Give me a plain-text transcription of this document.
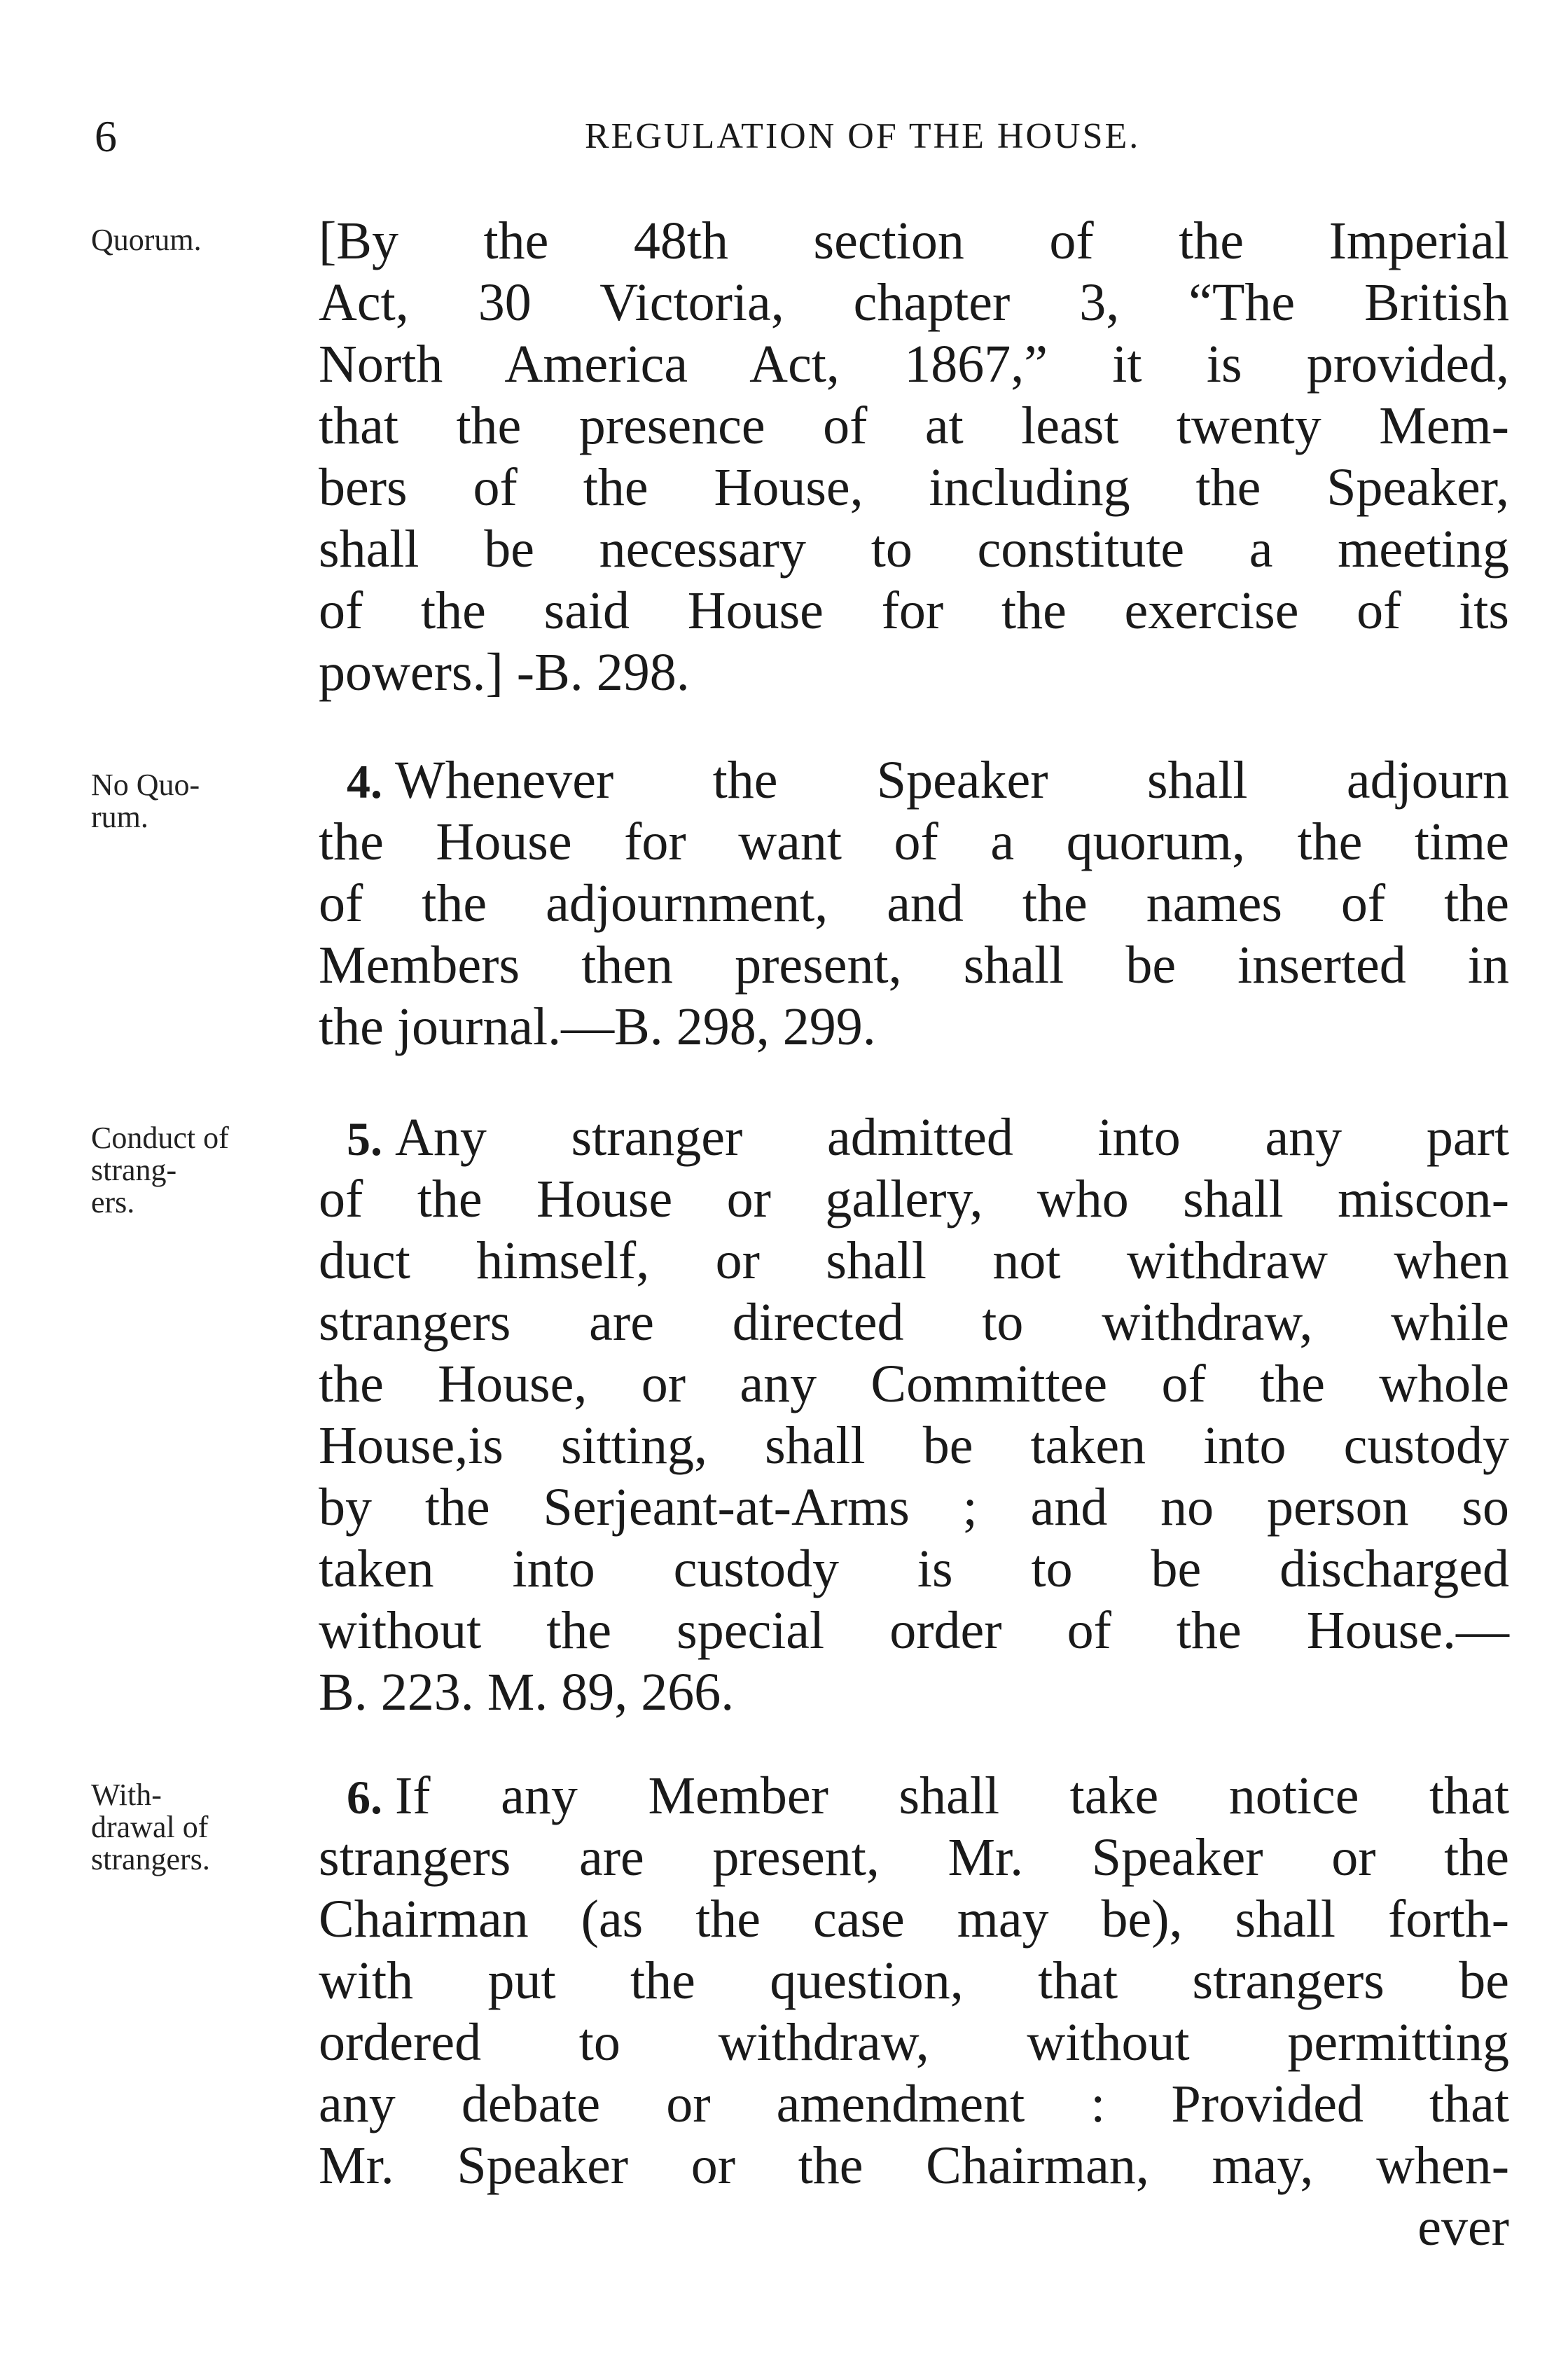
6	REGULATION OF THE HOUSE.
Quorum.	[By the 48th section of the Imperial
Act, 30 Victoria, chapter 3, “The British
North America Act, 1867,” it is provided,
that the presence of at least twenty Mem-
bers of the House, including the Speaker,
shall be necessary to constitute a meeting
of the said House for the exercise of its
powers.] -B. 298.
No Quo-
rum.
4. Whenever the Speaker shall adjourn
the House for want of a quorum, the time
of the adjournment, and the names of the
Members then present, shall be inserted in
the journal.—B. 298, 299.
Conduct of
strang-
ers.
5. Any stranger admitted into any part
of the House or gallery, who shall miscon-
duct himself, or shall not withdraw when
strangers are directed to withdraw, while
the House, or any Committee of the whole
House,is sitting, shall be taken into custody
by the Serjeant-at-Arms ; and no person so
taken into custody is to be discharged
without the special order of the House.—
B. 223. M. 89, 266.
With-
drawal of
strangers.
6. If any Member shall take notice that
strangers are present, Mr. Speaker or the
Chairman (as the case may be), shall forth-
with put the question, that strangers be
ordered to withdraw, without permitting
any debate or amendment : Provided that
Mr. Speaker or the Chairman, may, when-
ever
